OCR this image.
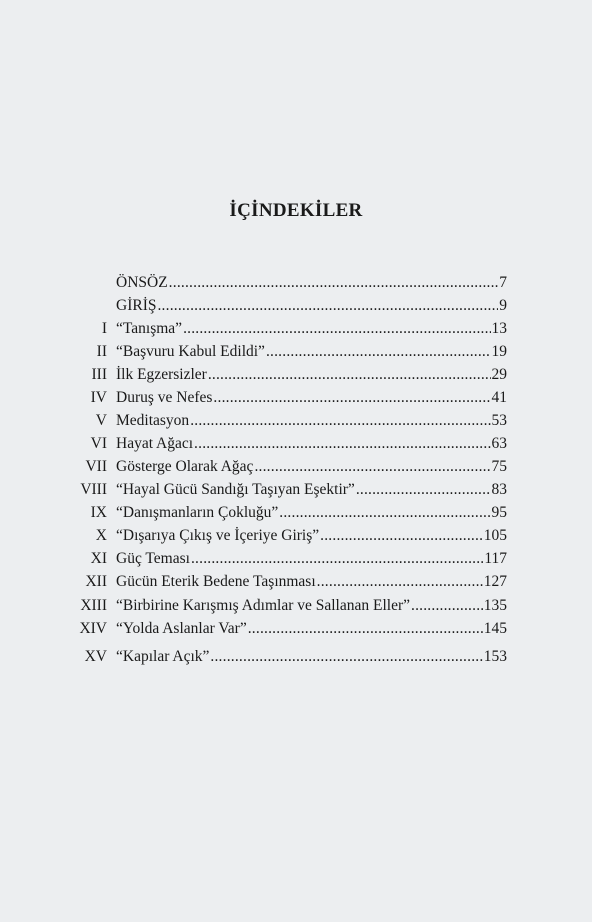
İÇİNDEKİLER
ÖNSÖZ .....	7
GİRİŞ .....	9
I “Tanışma” .....	13
II “Başvuru Kabul Edildi” .....	19
III İlk Egzersizler .....	29
IV Duruş ve Nefes .....	41
V Meditasyon .....	53
VI Hayat Ağacı .....	63
VII Gösterge Olarak Ağaç .....	75
VIII “Hayal Gücü Sandığı Taşıyan Eşektir” .....	83
IX “Danışmanların Çokluğu” .....	95
X “Dışarıya Çıkış ve İçeriye Giriş” .....	105
XI Güç Teması .....	117
XII Gücün Eterik Bedene Taşınması .....	127
XIII “Birbirine Karışmış Adımlar ve Sallanan Eller” .....	135
XIV “Yolda Aslanlar Var” .....	145
XV “Kapılar Açık” .....	153
